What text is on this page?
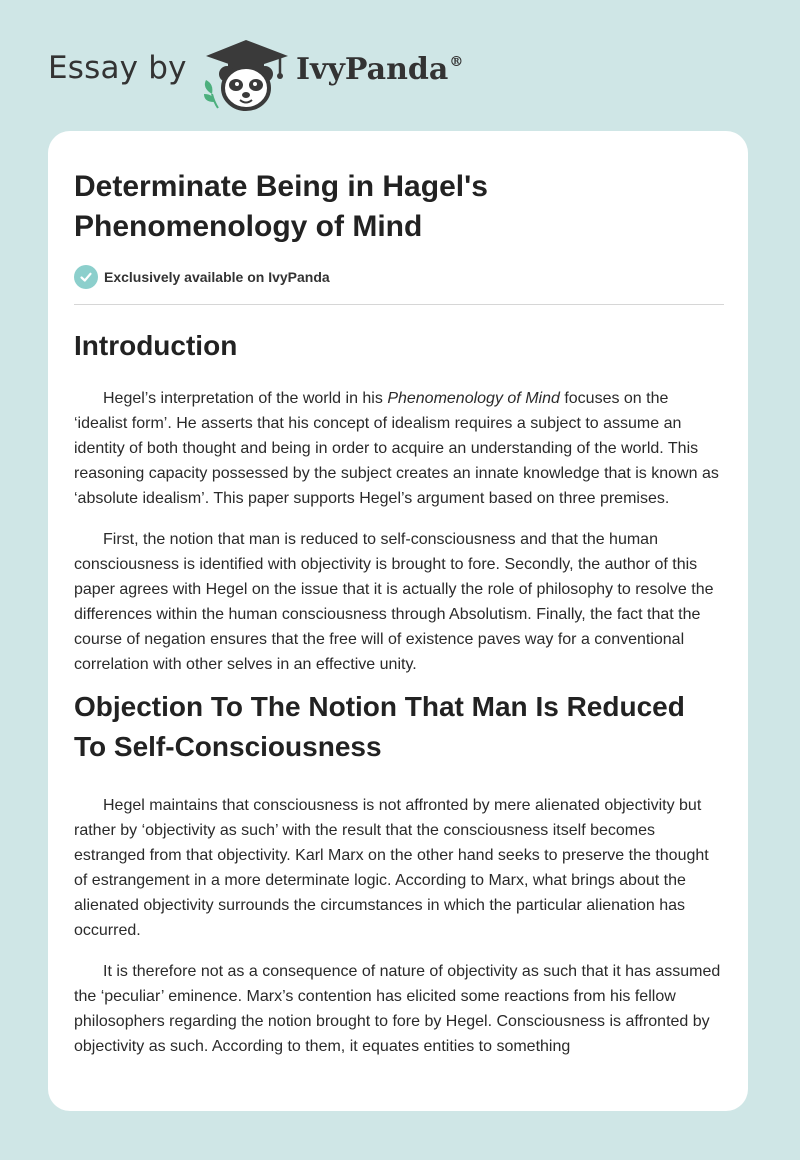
Essay by	IvyPanda®
Determinate Being in Hagel's Phenomenology of Mind
Exclusively available on IvyPanda
Introduction

Hegel’s interpretation of the world in his Phenomenology of Mind focuses on the ‘idealist form’. He asserts that his concept of idealism requires a subject to assume an identity of both thought and being in order to acquire an understanding of the world. This reasoning capacity possessed by the subject creates an innate knowledge that is known as ‘absolute idealism’. This paper supports Hegel’s argument based on three premises.

First, the notion that man is reduced to self-consciousness and that the human consciousness is identified with objectivity is brought to fore. Secondly, the author of this paper agrees with Hegel on the issue that it is actually the role of philosophy to resolve the differences within the human consciousness through Absolutism. Finally, the fact that the course of negation ensures that the free will of existence paves way for a conventional correlation with other selves in an effective unity.

Objection To The Notion That Man Is Reduced To Self-Consciousness

Hegel maintains that consciousness is not affronted by mere alienated objectivity but rather by ‘objectivity as such’ with the result that the consciousness itself becomes estranged from that objectivity. Karl Marx on the other hand seeks to preserve the thought of estrangement in a more determinate logic. According to Marx, what brings about the alienated objectivity surrounds the circumstances in which the particular alienation has occurred.

It is therefore not as a consequence of nature of objectivity as such that it has assumed the ‘peculiar’ eminence. Marx’s contention has elicited some reactions from his fellow philosophers regarding the notion brought to fore by Hegel. Consciousness is affronted by objectivity as such. According to them, it equates entities to something
